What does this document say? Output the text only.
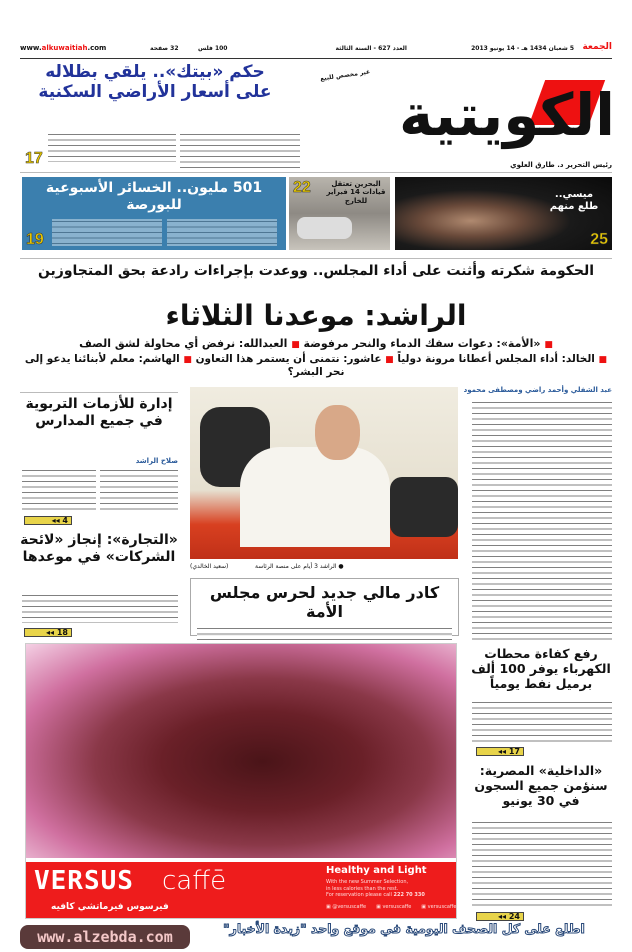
www.alkuwaitiah.com	32 صفحة	100 فلس	العدد 627 - السنة الثالثة	5 شعبان 1434 هـ - 14 يونيو 2013 الجمعة
الكويتية
غير مخصص للبيع
رئيس التحرير د. طارق العلوي
حكم «بيتك».. يلقي بظلاله
على أسعار الأراضي السكنية
17
501 مليون.. الخسائر الأسبوعية للبورصة
19
البحرين تعتقل قيادات 14 فبراير للخارج
22	ميسي.. طلع منهم
25
الحكومة شكرته وأثنت على أداء المجلس.. ووعدت بإجراءات رادعة بحق المتجاوزين
الراشد: موعدنا الثلاثاء
■ «الأمة»: دعوات سفك الدماء والنحر مرفوضة ■ العبدالله: نرفض أي محاولة لشق الصف
■ الخالد: أداء المجلس أعطانا مرونة دولياً ■ عاشور: نتمنى أن يستمر هذا التعاون ■ الهاشم: معلم لأبنائنا يدعو إلى نحر البشر؟
● الراشد 3 أيام على منصة الرئاسة
(سعيد الخالدي)
عبد الشفلي وأحمد راضي ومصطفى محمود
إدارة للأزمات التربوية في جميع المدارس
صلاح الراشد
4 ◂◂
«التجارة»: إنجاز «لائحة الشركات» في موعدها
18 ◂◂
كادر مالي جديد لحرس مجلس الأمة
رفع كفاءة محطات الكهرباء يوفر 100 ألف برميل نفط يومياً
17 ◂◂
«الداخلية» المصرية: سنؤمن جميع السجون في 30 يونيو
24 ◂◂
VERSUS caffē
فيرسوس فيرماتشي كافيه
Healthy and Light
With the new Summer Selection,
in less calories than the rest.
For reservation please call 222 70 330
▣ @versuscaffe ▣ versuscaffe ▣ versuscaffe
www.alzebda.com	اطلع على كل الصحف اليومية في موقع واحد "زبدة الأخبار"
